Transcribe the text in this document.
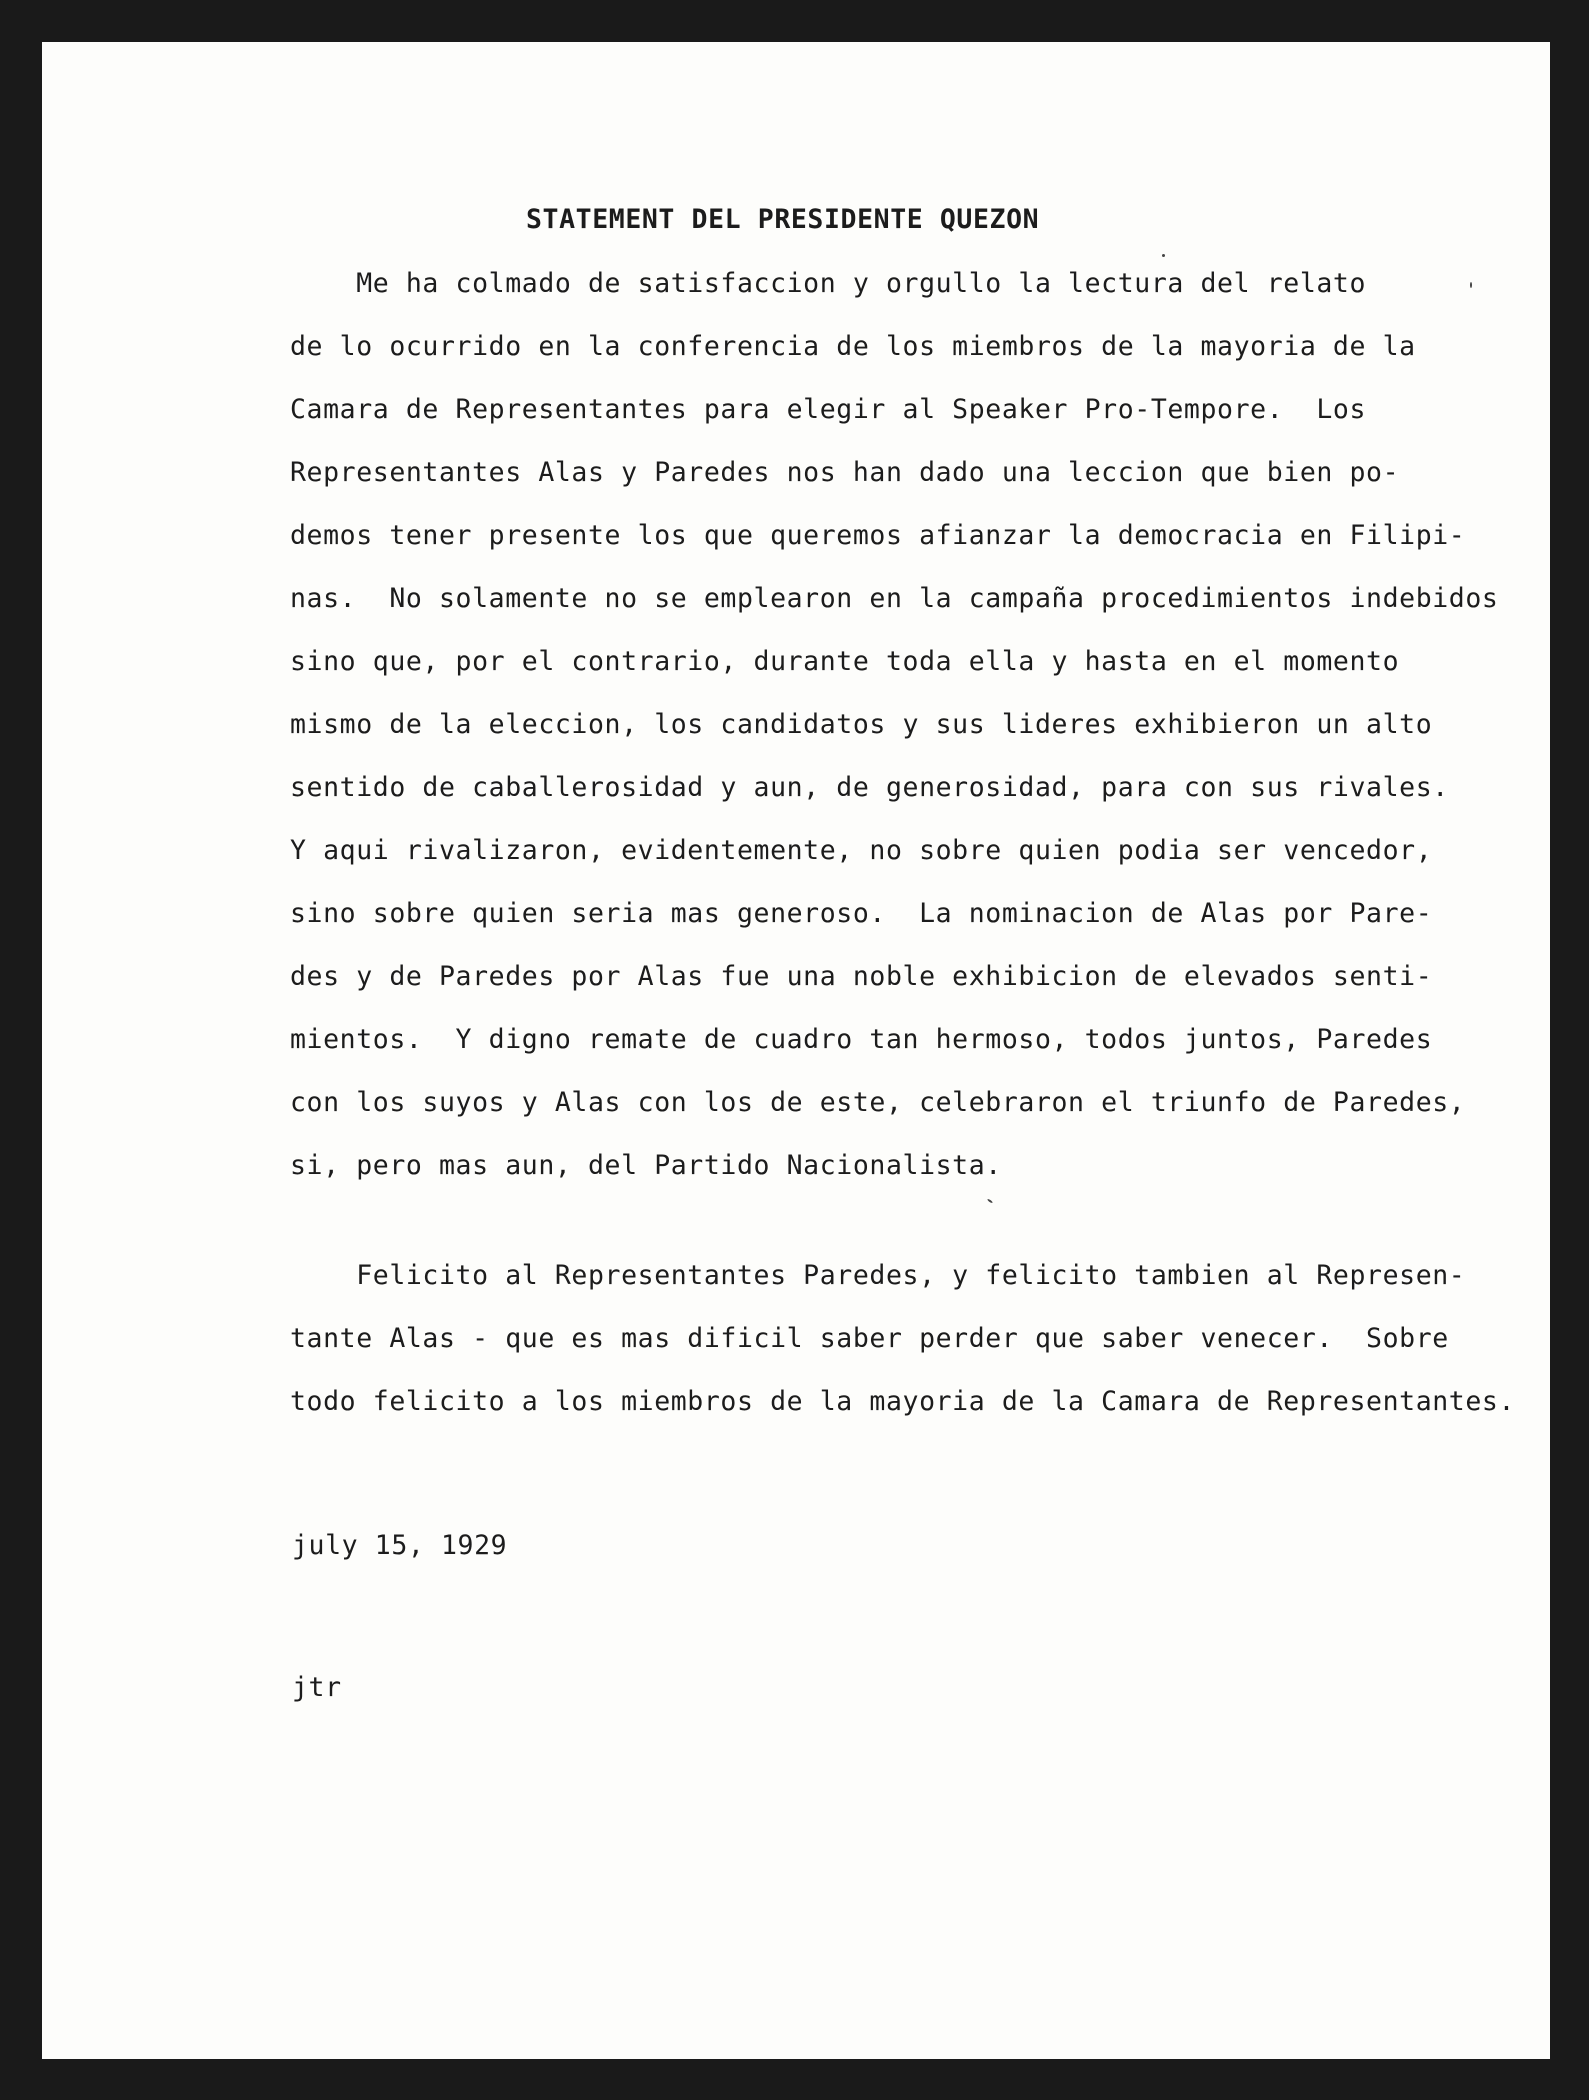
STATEMENT DEL PRESIDENTE QUEZON
Me ha colmado de satisfaccion y orgullo la lectura del relato
de lo ocurrido en la conferencia de los miembros de la mayoria de la
Camara de Representantes para elegir al Speaker Pro-Tempore.  Los
Representantes Alas y Paredes nos han dado una leccion que bien po-
demos tener presente los que queremos afianzar la democracia en Filipi-
nas.  No solamente no se emplearon en la campaña procedimientos indebidos
sino que, por el contrario, durante toda ella y hasta en el momento
mismo de la eleccion, los candidatos y sus lideres exhibieron un alto
sentido de caballerosidad y aun, de generosidad, para con sus rivales.
Y aqui rivalizaron, evidentemente, no sobre quien podia ser vencedor,
sino sobre quien seria mas generoso.  La nominacion de Alas por Pare-
des y de Paredes por Alas fue una noble exhibicion de elevados senti-
mientos.  Y digno remate de cuadro tan hermoso, todos juntos, Paredes
con los suyos y Alas con los de este, celebraron el triunfo de Paredes,
si, pero mas aun, del Partido Nacionalista.
Felicito al Representantes Paredes, y felicito tambien al Represen-
tante Alas - que es mas dificil saber perder que saber venecer.  Sobre
todo felicito a los miembros de la mayoria de la Camara de Representantes.
july 15, 1929
jtr
